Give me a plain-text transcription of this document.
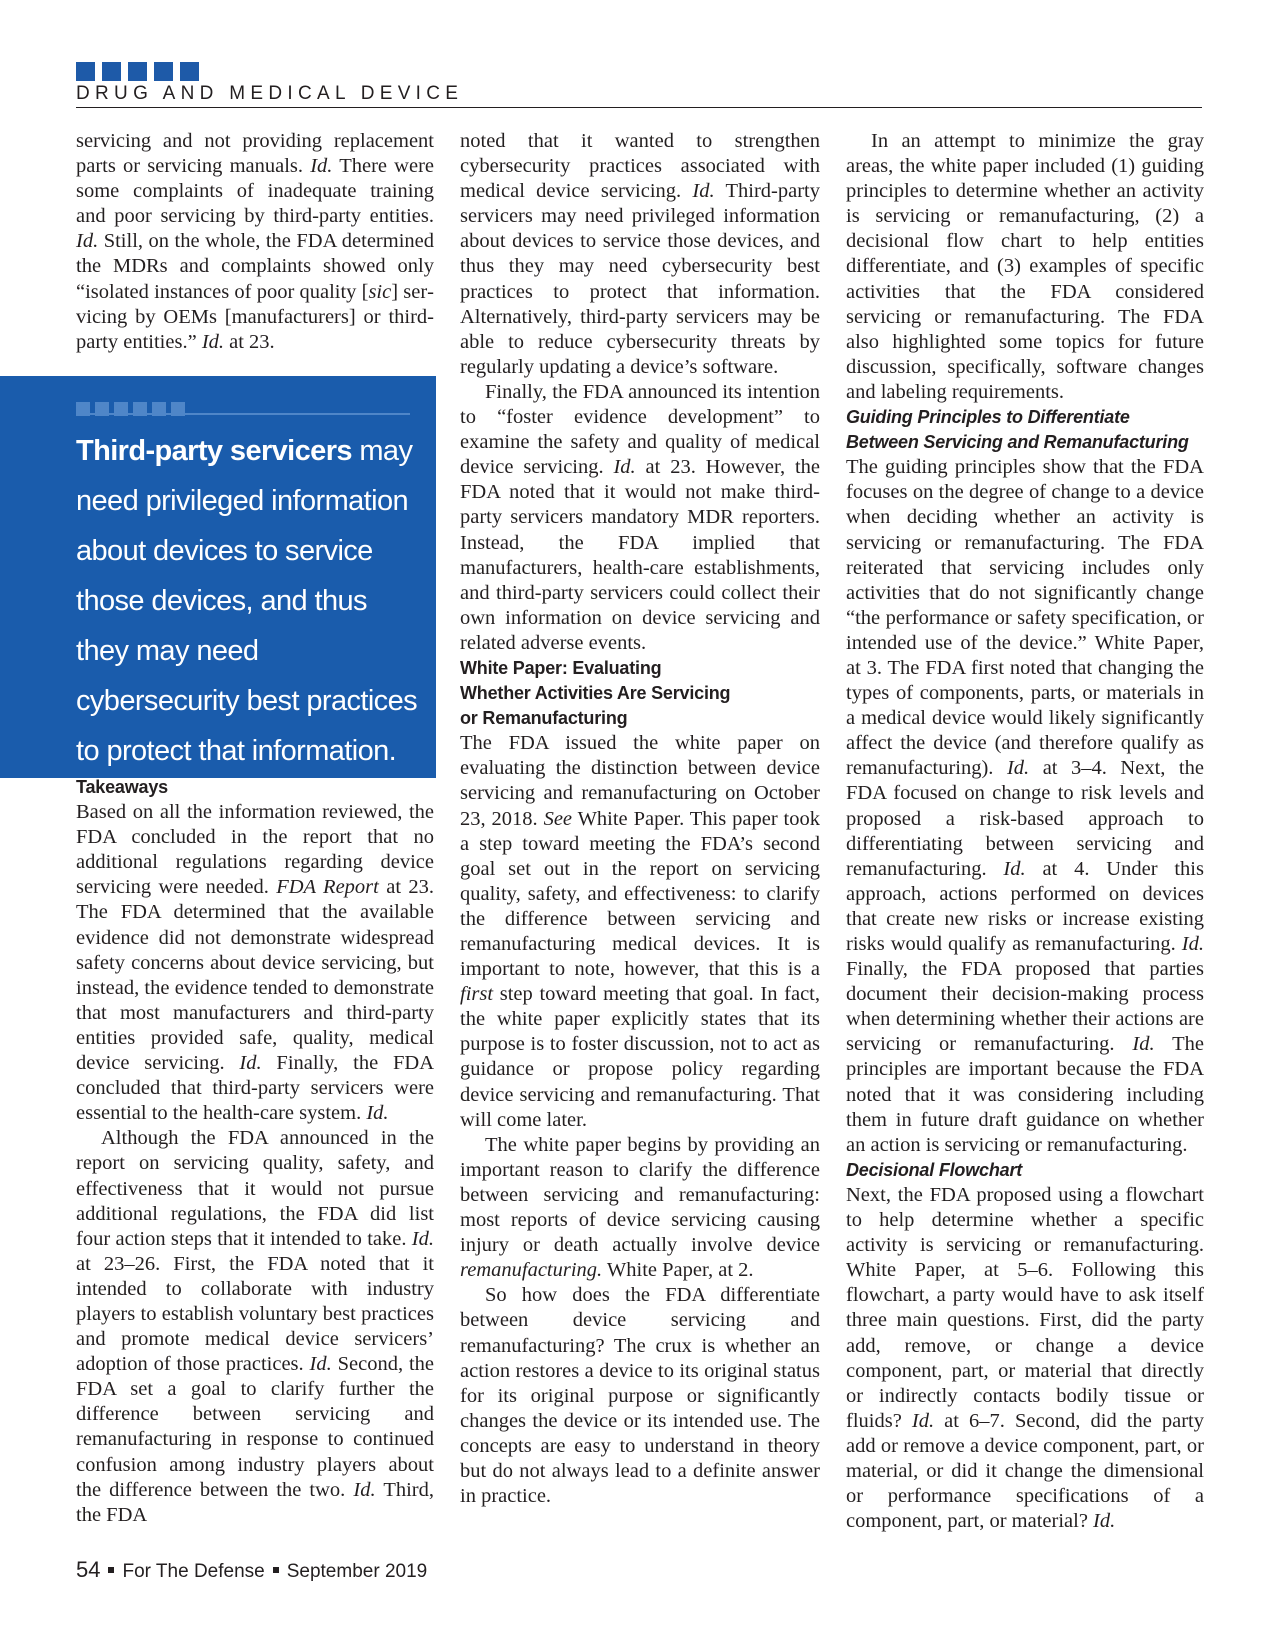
DRUG AND MEDICAL DEVICE

servicing and not providing replacement parts or servicing manuals. Id. There were some complaints of inadequate training and poor servicing by third-party entities. Id. Still, on the whole, the FDA determined the MDRs and complaints showed only “isolated instances of poor quality [sic] servicing by OEMs [manufacturers] or third-party entities.” Id. at 23.

Third-party servicers may need privileged information about devices to service those devices, and thus they may need cybersecurity best practices to protect that information.

Takeaways

Based on all the information reviewed, the FDA concluded in the report that no additional regulations regarding device servicing were needed. FDA Report at 23. The FDA determined that the available evidence did not demonstrate widespread safety concerns about device servicing, but instead, the evidence tended to demonstrate that most manufacturers and third-party entities provided safe, quality, medical device servicing. Id. Finally, the FDA concluded that third-party servicers were essential to the health-care system. Id.

Although the FDA announced in the report on servicing quality, safety, and effectiveness that it would not pursue additional regulations, the FDA did list four action steps that it intended to take. Id. at 23–26. First, the FDA noted that it intended to collaborate with industry players to establish voluntary best practices and promote medical device servicers’ adoption of those practices. Id. Second, the FDA set a goal to clarify further the difference between servicing and remanufacturing in response to continued confusion among industry players about the difference between the two. Id. Third, the FDA

noted that it wanted to strengthen cybersecurity practices associated with medical device servicing. Id. Third-party servicers may need privileged information about devices to service those devices, and thus they may need cybersecurity best practices to protect that information. Alternatively, third-party servicers may be able to reduce cybersecurity threats by regularly updating a device’s software.

Finally, the FDA announced its intention to “foster evidence development” to examine the safety and quality of medical device servicing. Id. at 23. However, the FDA noted that it would not make third-party servicers mandatory MDR reporters. Instead, the FDA implied that manufacturers, health-care establishments, and third-party servicers could collect their own information on device servicing and related adverse events.

White Paper: Evaluating
Whether Activities Are Servicing
or Remanufacturing

The FDA issued the white paper on evaluating the distinction between device servicing and remanufacturing on October 23, 2018. See White Paper. This paper took a step toward meeting the FDA’s second goal set out in the report on servicing quality, safety, and effectiveness: to clarify the difference between servicing and remanufacturing medical devices. It is important to note, however, that this is a first step toward meeting that goal. In fact, the white paper explicitly states that its purpose is to foster discussion, not to act as guidance or propose policy regarding device servicing and remanufacturing. That will come later.

The white paper begins by providing an important reason to clarify the difference between servicing and remanufacturing: most reports of device servicing causing injury or death actually involve device remanufacturing. White Paper, at 2.

So how does the FDA differentiate between device servicing and remanufacturing? The crux is whether an action restores a device to its original status for its original purpose or significantly changes the device or its intended use. The concepts are easy to understand in theory but do not always lead to a definite answer in practice.

In an attempt to minimize the gray areas, the white paper included (1) guiding principles to determine whether an activity is servicing or remanufacturing, (2) a decisional flow chart to help entities differentiate, and (3) examples of specific activities that the FDA considered servicing or remanufacturing. The FDA also highlighted some topics for future discussion, specifically, software changes and labeling requirements.

Guiding Principles to Differentiate
Between Servicing and Remanufacturing

The guiding principles show that the FDA focuses on the degree of change to a device when deciding whether an activity is servicing or remanufacturing. The FDA reiterated that servicing includes only activities that do not significantly change “the performance or safety specification, or intended use of the device.” White Paper, at 3. The FDA first noted that changing the types of components, parts, or materials in a medical device would likely significantly affect the device (and therefore qualify as remanufacturing). Id. at 3–4. Next, the FDA focused on change to risk levels and proposed a risk-based approach to differentiating between servicing and remanufacturing. Id. at 4. Under this approach, actions performed on devices that create new risks or increase existing risks would qualify as remanufacturing. Id. Finally, the FDA proposed that parties document their decision-making process when determining whether their actions are servicing or remanufacturing. Id. The principles are important because the FDA noted that it was considering including them in future draft guidance on whether an action is servicing or remanufacturing.

Decisional Flowchart

Next, the FDA proposed using a flowchart to help determine whether a specific activity is servicing or remanufacturing. White Paper, at 5–6. Following this flowchart, a party would have to ask itself three main questions. First, did the party add, remove, or change a device component, part, or material that directly or indirectly contacts bodily tissue or fluids? Id. at 6–7. Second, did the party add or remove a device component, part, or material, or did it change the dimensional or performance specifications of a component, part, or material? Id.

54 For The Defense September 2019
